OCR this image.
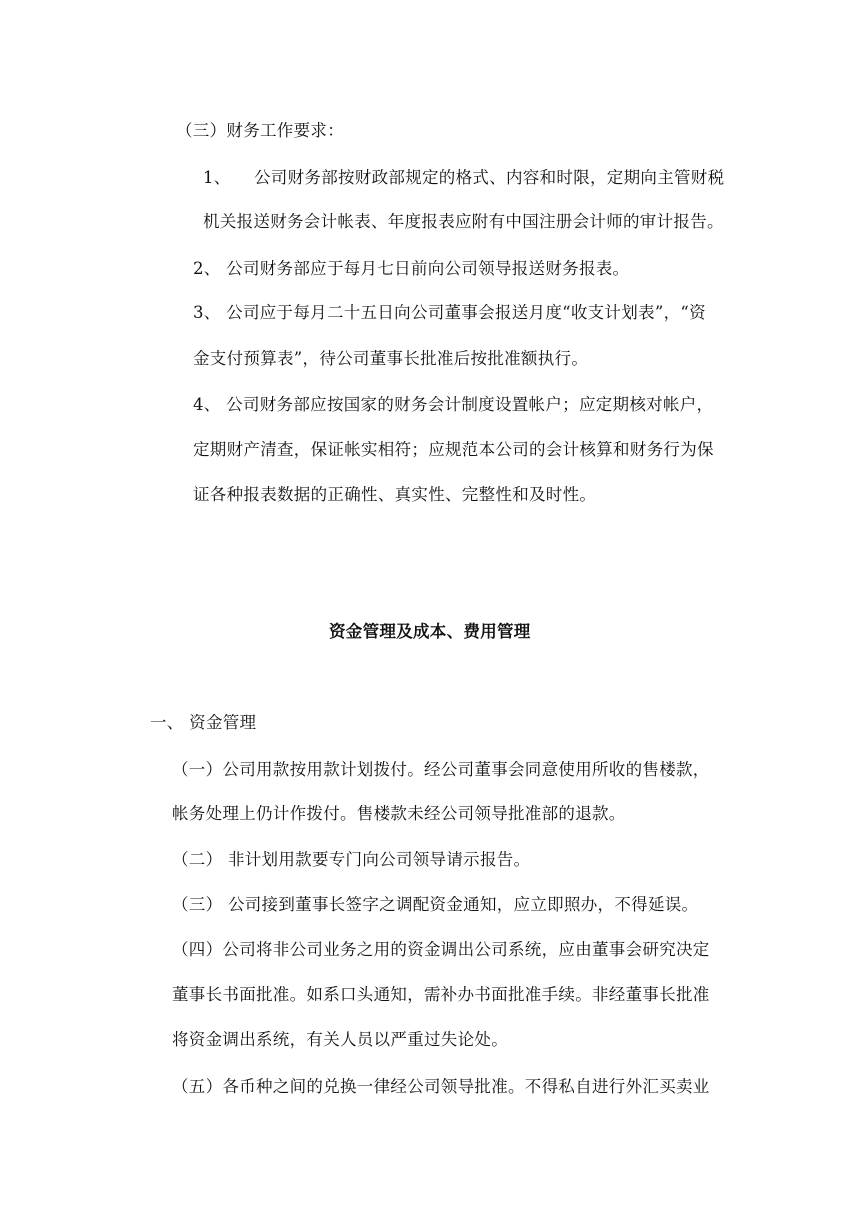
（三）财务工作要求：
1、 公司财务部按财政部规定的格式、内容和时限，定期向主管财税
机关报送财务会计帐表、年度报表应附有中国注册会计师的审计报告。
2、 公司财务部应于每月七日前向公司领导报送财务报表。
3、 公司应于每月二十五日向公司董事会报送月度“收支计划表”，“资
金支付预算表”，待公司董事长批准后按批准额执行。
4、 公司财务部应按国家的财务会计制度设置帐户；应定期核对帐户，
定期财产清查，保证帐实相符；应规范本公司的会计核算和财务行为保
证各种报表数据的正确性、真实性、完整性和及时性。
资金管理及成本、费用管理
一、 资金管理
（一）公司用款按用款计划拨付。经公司董事会同意使用所收的售楼款，
帐务处理上仍计作拨付。售楼款未经公司领导批准部的退款。
（二） 非计划用款要专门向公司领导请示报告。
（三） 公司接到董事长签字之调配资金通知，应立即照办，不得延误。
（四）公司将非公司业务之用的资金调出公司系统，应由董事会研究决定
董事长书面批准。如系口头通知，需补办书面批准手续。非经董事长批准
将资金调出系统，有关人员以严重过失论处。
（五）各币种之间的兑换一律经公司领导批准。不得私自进行外汇买卖业
